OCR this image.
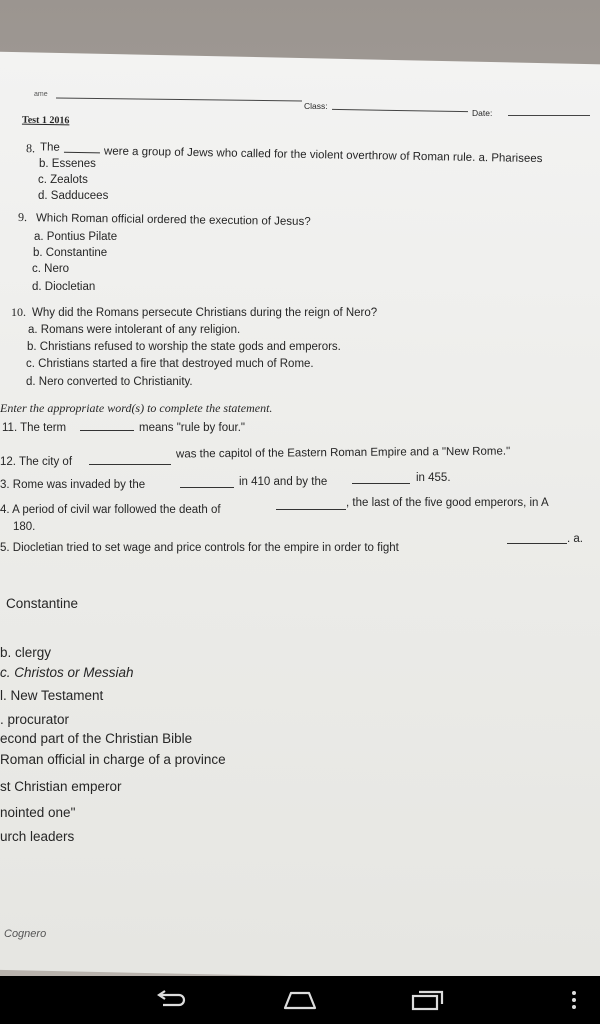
ame
Class:
Date:
Test 1 2016
8. The	were a group of Jews who called for the violent overthrow of Roman rule. a. Pharisees
b. Essenes
c. Zealots
d. Sadducees
9. Which Roman official ordered the execution of Jesus?
a. Pontius Pilate
b. Constantine
c. Nero
d. Diocletian
10. Why did the Romans persecute Christians during the reign of Nero?
a. Romans were intolerant of any religion.
b. Christians refused to worship the state gods and emperors.
c. Christians started a fire that destroyed much of Rome.
d. Nero converted to Christianity.
Enter the appropriate word(s) to complete the statement.
11. The term	means "rule by four."
12. The city of
was the capitol of the Eastern Roman Empire and a "New Rome."
3. Rome was invaded by the	in 410 and by the	in 455.
4. A period of civil war followed the death of
, the last of the five good emperors, in A
180.
5. Diocletian tried to set wage and price controls for the empire in order to fight
. a.
Constantine
b. clergy
c. Christos or Messiah
l. New Testament
. procurator
econd part of the Christian Bible
Roman official in charge of a province
st Christian emperor
nointed one"
urch leaders
Cognero
